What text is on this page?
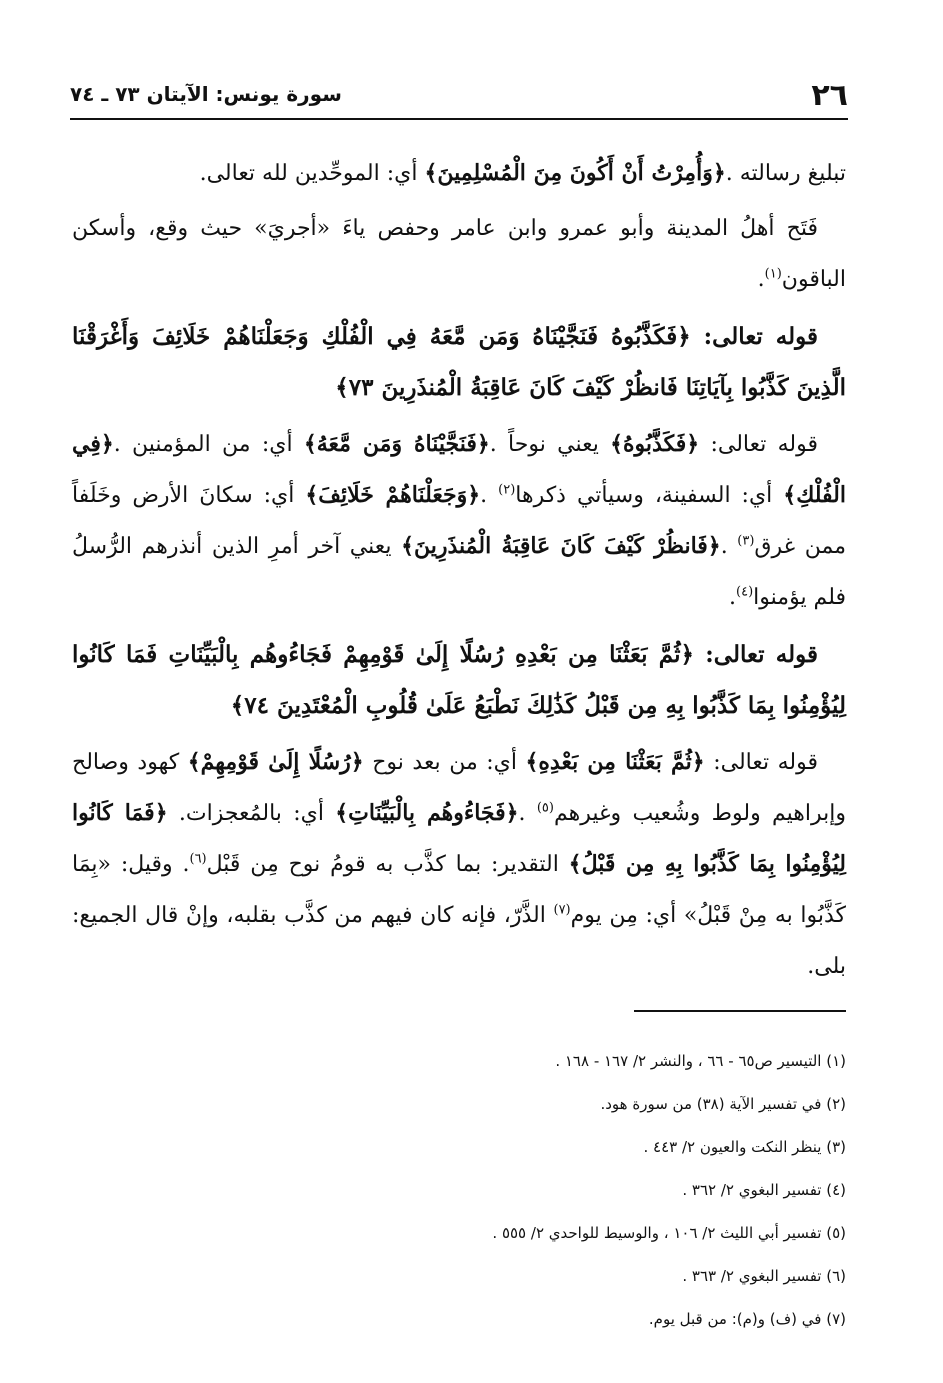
٢٦
سورة يونس: الآيتان ٧٣ ـ ٧٤

تبليغ رسالته .﴿وَأُمِرْتُ أَنْ أَكُونَ مِنَ الْمُسْلِمِينَ﴾ أي: الموحِّدين لله تعالى.

فَتَح أهلُ المدينة وأبو عمرو وابن عامر وحفص ياءَ «أجريَ» حيث وقع، وأسكن الباقون$^{(١)}$.

قوله تعالى: ﴿فَكَذَّبُوهُ فَنَجَّيْنَاهُ وَمَن مَّعَهُ فِي الْفُلْكِ وَجَعَلْنَاهُمْ خَلَائِفَ وَأَغْرَقْنَا الَّذِينَ كَذَّبُوا بِآيَاتِنَا فَانظُرْ كَيْفَ كَانَ عَاقِبَةُ الْمُنذَرِينَ ٧٣﴾

قوله تعالى: ﴿فَكَذَّبُوهُ﴾ يعني نوحاً .﴿فَنَجَّيْنَاهُ وَمَن مَّعَهُ﴾ أي: من المؤمنين .﴿فِي الْفُلْكِ﴾ أي: السفينة، وسيأتي ذكرها$^{(٢)}$ .﴿وَجَعَلْنَاهُمْ خَلَائِفَ﴾ أي: سكانَ الأرض وخَلَفاً ممن غرق$^{(٣)}$ .﴿فَانظُرْ كَيْفَ كَانَ عَاقِبَةُ الْمُنذَرِينَ﴾ يعني آخر أمرِ الذين أنذرهم الرُّسلُ فلم يؤمنوا$^{(٤)}$.

قوله تعالى: ﴿ثُمَّ بَعَثْنَا مِن بَعْدِهِ رُسُلًا إِلَىٰ قَوْمِهِمْ فَجَاءُوهُم بِالْبَيِّنَاتِ فَمَا كَانُوا لِيُؤْمِنُوا بِمَا كَذَّبُوا بِهِ مِن قَبْلُ كَذَٰلِكَ نَطْبَعُ عَلَىٰ قُلُوبِ الْمُعْتَدِينَ ٧٤﴾

قوله تعالى: ﴿ثُمَّ بَعَثْنَا مِن بَعْدِهِ﴾ أي: من بعد نوح ﴿رُسُلًا إِلَىٰ قَوْمِهِمْ﴾ كهود وصالح وإبراهيم ولوط وشُعيب وغيرهم$^{(٥)}$ .﴿فَجَاءُوهُم بِالْبَيِّنَاتِ﴾ أي: بالمُعجزات. ﴿فَمَا كَانُوا لِيُؤْمِنُوا بِمَا كَذَّبُوا بِهِ مِن قَبْلُ﴾ التقدير: بما كذَّب به قومُ نوح مِن قَبْل$^{(٦)}$. وقيل: «بِمَا كَذَّبُوا به مِنْ قَبْلُ» أي: مِن يوم$^{(٧)}$ الذَّرّ، فإنه كان فيهم من كذَّب بقلبه، وإنْ قال الجميع: بلى.

(١) التيسير ص٦٥ - ٦٦ ، والنشر ٢/ ١٦٧ - ١٦٨ .
(٢) في تفسير الآية (٣٨) من سورة هود.
(٣) ينظر النكت والعيون ٢/ ٤٤٣ .
(٤) تفسير البغوي ٢/ ٣٦٢ .
(٥) تفسير أبي الليث ٢/ ١٠٦ ، والوسيط للواحدي ٢/ ٥٥٥ .
(٦) تفسير البغوي ٢/ ٣٦٣ .
(٧) في (ف) و(م): من قبل يوم.
